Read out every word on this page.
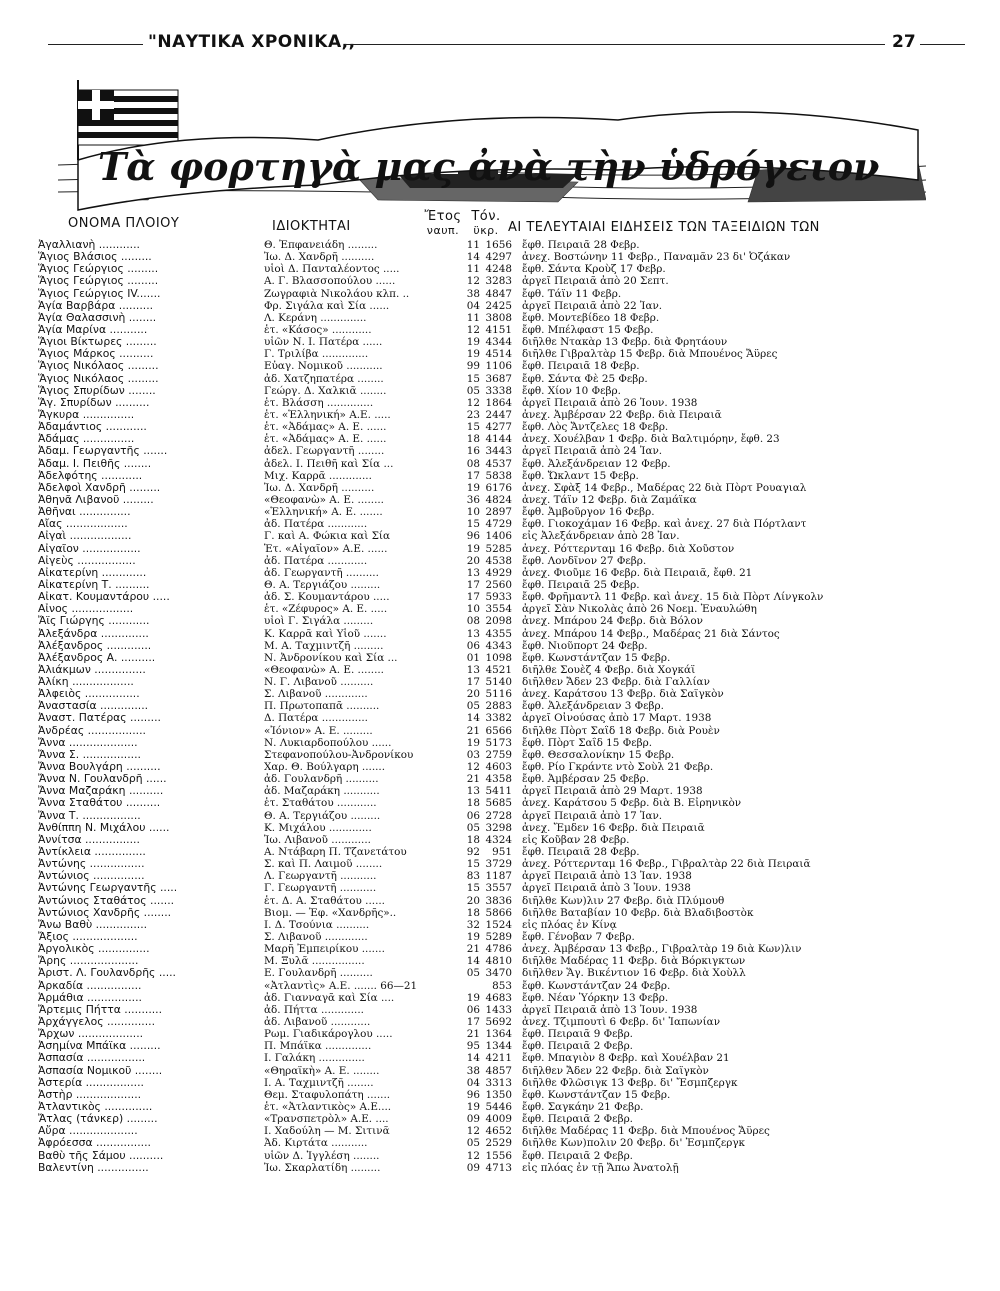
"ΝΑΥΤΙΚΑ ΧΡΟΝΙΚΑ,,	27
Τὰ φορτηγὰ μας ἀνὰ τὴν ὑδρόγειον
ΟΝΟΜΑ ΠΛΟΙΟΥ	ΙΔΙΟΚΤΗΤΑΙ
Ἔτος
ναυπ.
Τόν.
ϋκρ. ΑΙ ΤΕΛΕΥΤΑΙΑΙ ΕΙΔΗΣΕΙΣ ΤΩΝ ΤΑΞΕΙΔΙΩΝ ΤΩΝ
Ἀγαλλιανὴ ............	Θ. Ἐπφανειάδη .........	11 1656 ἔφθ. Πειραιᾶ 28 Φεβρ.
Ἅγιος Βλάσιος .........	Ἰω. Δ. Χανδρῆ ..........	14 4297 ἀνεχ. Βοστώνην 11 Φεβρ., Παναμᾶν 23 δι' Ὀζάκαν
Ἅγιος Γεώργιος .........	υἱοὶ Δ. Πανταλέοντος .....	11 4248 ἔφθ. Σάντα Κροὺζ 17 Φεβρ.
Ἅγιος Γεώργιος .........	Α. Γ. Βλασσοπούλου ......	12 3283 ἀργεῖ Πειραιᾶ ἀπὸ 20 Σεπτ.
Ἅγιος Γεώργιος IV.......	Ζωγραφιὰ Νικολάου κλπ. ..	38 4847 ἔφθ. Τάϊν 11 Φεβρ.
Ἁγία Βαρβάρα ..........	Φρ. Σιγάλα καὶ Σία ......	04 2425 ἀργεῖ Πειραιᾶ ἀπὸ 22 Ἰαν.
Ἁγία Θαλασσινὴ ........	Λ. Κεράνη ..............	11 3808 ἔφθ. Μοντεβίδεο 18 Φεβρ.
Ἁγία Μαρίνα ...........	ἑτ. «Κάσος» ............	12 4151 ἔφθ. Μπέλφαστ 15 Φεβρ.
Ἅγιοι Βίκτωρες .........	υἱῶν Ν. Ι. Πατέρα ......	19 4344 διῆλθε Ντακὰρ 13 Φεβρ. διὰ Φρητάουν
Ἅγιος Μάρκος ..........	Γ. Τριλίβα ..............	19 4514 διῆλθε Γιβραλτὰρ 15 Φεβρ. διὰ Μπουένος Ἄϋρες
Ἅγιος Νικόλαος .........	Εὐαγ. Νομικοῦ ...........	99 1106 ἔφθ. Πειραιᾶ 18 Φεβρ.
Ἅγιος Νικόλαος .........	ἀδ. Χατζηπατέρα ........	15 3687 ἔφθ. Σάντα Φὲ 25 Φεβρ.
Ἅγιος Σπυρίδων ........	Γεώργ. Δ. Χαλκιᾶ ........	05 3338 ἔφθ. Χίον 10 Φεβρ.
Ἅγ. Σπυρίδων ..........	ἑτ. Βλάσση ..............	12 1864 ἀργεῖ Πειραιᾶ ἀπὸ 26 Ἰουν. 1938
Ἄγκυρα ...............	ἑτ. «Ἑλληνική» Α.Ε. .....	23 2447 ἀνεχ. Ἀμβέρσαν 22 Φεβρ. διὰ Πειραιᾶ
Ἀδαμάντιος ............	ἑτ. «Ἀδάμας» Α. Ε. ......	15 4277 ἔφθ. Λὸς Ἄντζελες 18 Φεβρ.
Ἀδάμας ...............	ἑτ. «Ἀδάμας» Α. Ε. ......	18 4144 ἀνεχ. Χουέλβαν 1 Φεβρ. διὰ Βαλτιμόρην, ἔφθ. 23
Ἀδαμ. Γεωργαντῆς .......	ἀδελ. Γεωργαντῆ ........	16 3443 ἀργεῖ Πειραιᾶ ἀπὸ 24 Ἰαν.
Ἀδαμ. Ι. Πειθῆς ........	ἀδελ. Ι. Πειθῆ καὶ Σία ...	08 4537 ἔφθ. Ἀλεξάνδρειαν 12 Φεβρ.
Ἀδελφότης ............	Μιχ. Καρρᾶ .............	17 5838 ἔφθ. Ὤκλαντ 15 Φεβρ.
Ἀδελφοὶ Χανδρῆ .........	Ἰω. Δ. Χανδρῆ ..........	19 6176 ἀνεχ. Σφὰξ 14 Φεβρ., Μαδέρας 22 διὰ Πὸρτ Ρουαγιαλ
Ἀθηνᾶ Λιβανοῦ .........	«Θεοφανὼ» Α. Ε. ........	36 4824 ἀνεχ. Τάϊν 12 Φεβρ. διὰ Ζαμάϊκα
Ἀθῆναι ...............	«Ἑλληνική» Α. Ε. .......	10 2897 ἔφθ. Ἀμβοῦργον 16 Φεβρ.
Αἴας ..................	ἀδ. Πατέρα ............	15 4729 ἔφθ. Γιοκοχάμαν 16 Φεβρ. καὶ ἀνεχ. 27 διὰ Πόρτλαντ
Αἰγαὶ ..................	Γ. καὶ Α. Φώκια καὶ Σία	96 1406 εἰς Ἀλεξάνδρειαν ἀπὸ 28 Ἰαν.
Αἰγαῖον .................	Ἑτ. «Αἰγαῖον» Α.Ε. ......	19 5285 ἀνεχ. Ρόττερνταμ 16 Φεβρ. διὰ Χοῦστον
Αἰγεὺς .................	ἀδ. Πατέρα ............	20 4538 ἔφθ. Λονδῖνον 27 Φεβρ.
Αἰκατερίνη .............	ἀδ. Γεωργαντῆ ..........	13 4929 ἀνεχ. Φιοῦμε 16 Φεβρ. διὰ Πειραιᾶ, ἔφθ. 21
Αἰκατερίνη Τ. ..........	Θ. Α. Τεργιάζου .........	17 2560 ἔφθ. Πειραιᾶ 25 Φεβρ.
Αἰκατ. Κουμαντάρου .....	ἀδ. Σ. Κουμαντάρου .....	17 5933 ἔφθ. Φρῆμαντλ 11 Φεβρ. καὶ ἀνεχ. 15 διὰ Πὸρτ Λίνγκολν
Αἶνος ..................	ἑτ. «Ζέφυρος» Α. Ε. .....	10 3554 ἀργεῖ Σὰν Νικολὰς ἀπὸ 26 Νοεμ. Ἐναυλώθη
Ἄϊς Γιώργης ............	υἱοὶ Γ. Σιγάλα .........	08 2098 ἀνεχ. Μπάρου 24 Φεβρ. διὰ Βόλον
Ἀλεξάνδρα ..............	Κ. Καρρᾶ καὶ Υἱοῦ .......	13 4355 ἀνεχ. Μπάρου 14 Φεβρ., Μαδέρας 21 διὰ Σάντος
Ἀλέξανδρος .............	Μ. Α. Ταχμιντζῆ .........	06 4343 ἔφθ. Νιοῦπορτ 24 Φεβρ.
Ἀλέξανδρος Α. ..........	Ν. Ἀνδρονίκου καὶ Σία ...	01 1098 ἔφθ. Κωνστάντζαν 15 Φεβρ.
Ἀλιάκμων ...............	«Θεοφανὼ» Α. Ε. ........	13 4521 διῆλθε Σουὲζ 4 Φεβρ. διὰ Χογκάϊ
Ἀλίκη ..................	Ν. Γ. Λιβανοῦ ..........	17 5140 διῆλθεν Ἄδεν 23 Φεβρ. διὰ Γαλλίαν
Ἀλφειὸς ................	Σ. Λιβανοῦ .............	20 5116 ἀνεχ. Καράτσου 13 Φεβρ. διὰ Σαϊγκὸν
Ἀναστασία ..............	Π. Πρωτοπαπᾶ ..........	05 2883 ἔφθ. Ἀλεξάνδρειαν 3 Φεβρ.
Ἀναστ. Πατέρας .........	Δ. Πατέρα ..............	14 3382 ἀργεῖ Οἰνούσας ἀπὸ 17 Μαρτ. 1938
Ἀνδρέας .................	«Ἰόνιον» Α. Ε. .........	21 6566 διῆλθε Πὸρτ Σαῒδ 18 Φεβρ. διὰ Ρουὲν
Ἄννα ....................	Ν. Λυκιαρδοπούλου ......	19 5173 ἔφθ. Πὸρτ Σαῒδ 15 Φεβρ.
Ἄννα Σ. .................	Στεφανοπούλου-Ἀνδρονίκου	03 2759 ἔφθ. Θεσσαλονίκην 15 Φεβρ.
Ἄννα Βουλγάρη ..........	Χαρ. Θ. Βούλγαρη .......	12 4603 ἔφθ. Ρίο Γκράντε ντὸ Σοὺλ 21 Φεβρ.
Ἄννα Ν. Γουλανδρῆ ......	ἀδ. Γουλανδρῆ ..........	21 4358 ἔφθ. Ἀμβέρσαν 25 Φεβρ.
Ἄννα Μαζαράκη ..........	ἀδ. Μαζαράκη ...........	13 5411 ἀργεῖ Πειραιᾶ ἀπὸ 29 Μαρτ. 1938
Ἄννα Σταθάτου ..........	ἑτ. Σταθάτου ............	18 5685 ἀνεχ. Καράτσου 5 Φεβρ. διὰ Β. Εἰρηνικὸν
Ἄννα Τ. .................	Θ. Α. Τεργιάζου .........	06 2728 ἀργεῖ Πειραιᾶ ἀπὸ 17 Ἰαν.
Ἀνθίππη Ν. Μιχάλου ......	Κ. Μιχάλου .............	05 3298 ἀνεχ. Ἔμδεν 16 Φεβρ. διὰ Πειραιᾶ
Ἀννίτσα ................	Ἰω. Λιβανοῦ ............	18 4324 εἰς Κοῦβαν 28 Φεβρ.
Ἀντίκλεια ...............	Α. Ντάβαρη Π. Τζανετάτου	92	951 ἔφθ. Πειραιᾶ 28 Φεβρ.
Ἀντώνης ................	Σ. καὶ Π. Λαιμοῦ ........	15 3729 ἀνεχ. Ρόττερνταμ 16 Φεβρ., Γιβραλτὰρ 22 διὰ Πειραιᾶ
Ἀντώνιος ...............	Λ. Γεωργαντῆ ...........	83 1187 ἀργεῖ Πειραιᾶ ἀπὸ 13 Ἰαν. 1938
Ἀντώνης Γεωργαντῆς .....	Γ. Γεωργαντῆ ...........	15 3557 ἀργεῖ Πειραιᾶ ἀπὸ 3 Ἰουν. 1938
Ἀντώνιος Σταθάτος .......	ἑτ. Δ. Α. Σταθάτου ......	20 3836 διῆλθε Κων)λιν 27 Φεβρ. διὰ Πλύμουθ
Ἀντώνιος Χανδρῆς ........	Βιομ. — Ἐφ. «Χανδρῆς»..	18 5866 διῆλθε Βαταβίαν 10 Φεβρ. διὰ Βλαδιβοστὸκ
Ἄνω Βαθὺ ...............	Ι. Δ. Τσούνια ..........	32 1524 εἰς πλόας ἐν Κίνᾳ
Ἄξιος ...................	Σ. Λιβανοῦ .............	19 5289 ἔφθ. Γένοβαν 7 Φεβρ.
Ἀργολικὸς ...............	Μαρῆ Ἐμπειρίκου .......	21 4786 ἀνεχ. Ἀμβέρσαν 13 Φεβρ., Γιβραλτὰρ 19 διὰ Κων)λιν
Ἄρης ....................	Μ. Ξυλᾶ ................	14 4810 διῆλθε Μαδέρας 11 Φεβρ. διὰ Βόρκιγκτων
Ἀριστ. Λ. Γουλανδρῆς .....	Ε. Γουλανδρῆ ..........	05 3470 διῆλθεν Ἅγ. Βικέντιον 16 Φεβρ. διὰ Χοὺλλ
Ἀρκαδία ................	«Ἀτλαντὶς» Α.Ε. ....... 66—21	853 ἔφθ. Κωνστάντζαν 24 Φεβρ.
Ἁρμάθια ................	ἀδ. Γιανναγᾶ καὶ Σία ....	19 4683 ἔφθ. Νέαν Ὑόρκην 13 Φεβρ.
Ἄρτεμις Πήττα ...........	ἀδ. Πήττα .............	06 1433 ἀργεῖ Πειραιᾶ ἀπὸ 13 Ἰουν. 1938
Ἀρχάγγελος ..............	ἀδ. Λιβανοῦ ............	17 5692 ἀνεχ. Τζιμπουτὶ 6 Φεβρ. δι' Ἰαπωνίαν
Ἄρχων ...................	Ρωμ. Γιαδικάρογλου .....	21 1364 ἔφθ. Πειραιᾶ 9 Φεβρ.
Ἀσημίνα Μπάϊκα .........	Π. Μπάϊκα ..............	95 1344 ἔφθ. Πειραιᾶ 2 Φεβρ.
Ἀσπασία .................	Ι. Γαλάκη ..............	14 4211 ἔφθ. Μπαγιὸν 8 Φεβρ. καὶ Χουέλβαν 21
Ἀσπασία Νομικοῦ ........	«Θηραϊκὴ» Α. Ε. ........	38 4857 διῆλθεν Ἄδεν 22 Φεβρ. διὰ Σαϊγκὸν
Ἀστερία .................	Ι. Α. Ταχμιντζῆ ........	04 3313 διῆλθε Φλῶσιγκ 13 Φεβρ. δι' Ἔσμπζεργκ
Ἀστὴρ ...................	Θεμ. Σταφυλοπάτη .......	96 1350 ἔφθ. Κωνστάντζαν 15 Φεβρ.
Ἀτλαντικὸς ..............	ἑτ. «Ἀτλαντικὸς» Α.Ε....	19 5446 ἔφθ. Σαγκάην 21 Φεβρ.
Ἄτλας (τάνκερ) .........	«Τρανσπετρὸλ» Α.Ε. ....	09 4009 ἔφθ. Πειραιᾶ 2 Φεβρ.
Αὔρα ....................	Ι. Χαδούλη — Μ. Σιτινᾶ	12 4652 διῆλθε Μαδέρας 11 Φεβρ. διὰ Μπουένος Ἄϋρες
Ἀφρόεσσα ................	Ἀδ. Κιρτάτα ...........	05 2529 διῆλθε Κων)πολιν 20 Φεβρ. δι' Ἐσμπζεργκ
Βαθὺ τῆς Σάμου ..........	υἱῶν Δ. Ἰγγλέση ........	12 1556 ἔφθ. Πειραιᾶ 2 Φεβρ.
Βαλεντίνη ...............	Ἰω. Σκαρλατίδη .........	09 4713 εἰς πλόας ἐν τῇ Ἄπω Ἀνατολῇ
